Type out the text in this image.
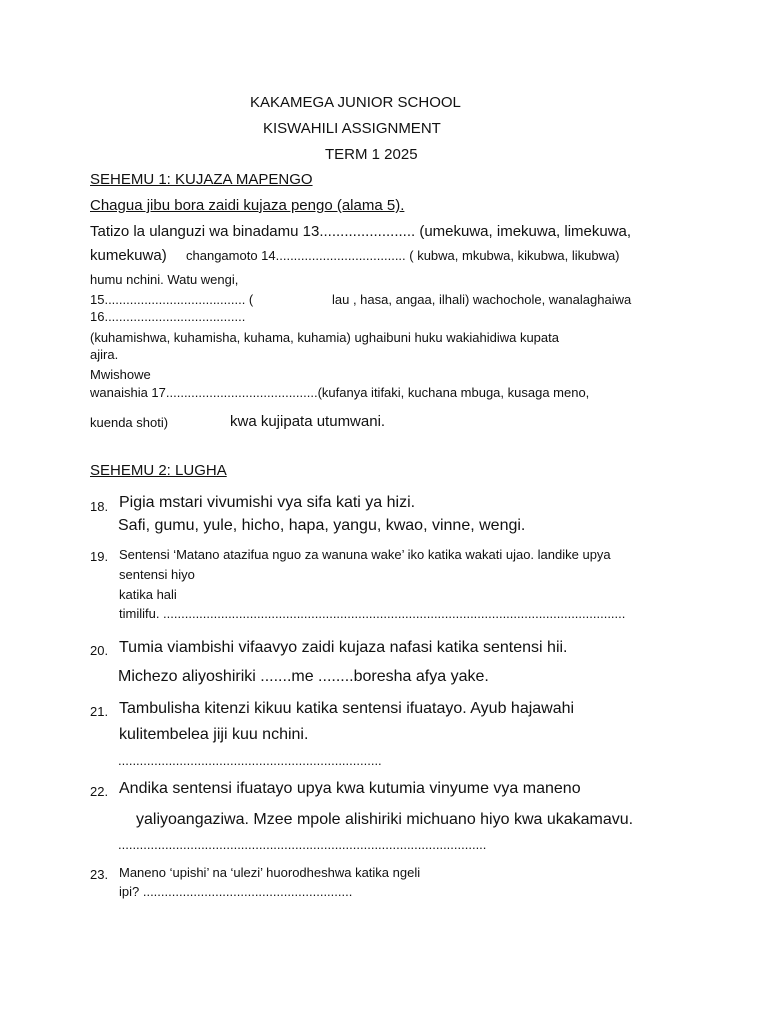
KAKAMEGA JUNIOR SCHOOL

KISWAHILI ASSIGNMENT

TERM 1 2025

SEHEMU 1: KUJAZA MAPENGO

Chagua jibu bora zaidi kujaza pengo (alama 5).

Tatizo la ulanguzi wa binadamu 13....................... (umekuwa, imekuwa, limekuwa,

kumekuwa) changamoto 14.................................... ( kubwa, mkubwa, kikubwa, likubwa)

humu nchini. Watu wengi,

15....................................... (	lau , hasa, angaa, ilhali) wachochole, wanalaghaiwa

16.......................................

(kuhamishwa, kuhamisha, kuhama, kuhamia) ughaibuni huku wakiahidiwa kupata

ajira.

Mwishowe

wanaishia 17..........................................(kufanya itifaki, kuchana mbuga, kusaga meno,

kuenda shoti)	kwa kujipata utumwani.

SEHEMU 2: LUGHA

18. Pigia mstari vivumishi vya sifa kati ya hizi.

Safi, gumu, yule, hicho, hapa, yangu, kwao, vinne, wengi.

19. Sentensi ‘Matano atazifua nguo za wanuna wake’ iko katika wakati ujao. landike upya

sentensi hiyo

katika hali

timilifu. ................................................................................................................................

20. Tumia viambishi vifaavyo zaidi kujaza nafasi katika sentensi hii.

Michezo aliyoshiriki .......me ........boresha afya yake.

21. Tambulisha kitenzi kikuu katika sentensi ifuatayo. Ayub hajawahi

kulitembelea jiji kuu nchini.

.........................................................................

22. Andika sentensi ifuatayo upya kwa kutumia vinyume vya maneno

yaliyoangaziwa. Mzee mpole alishiriki michuano hiyo kwa ukakamavu.

......................................................................................................

23. Maneno ‘upishi’ na ‘ulezi’ huorodheshwa katika ngeli

ipi? ..........................................................
